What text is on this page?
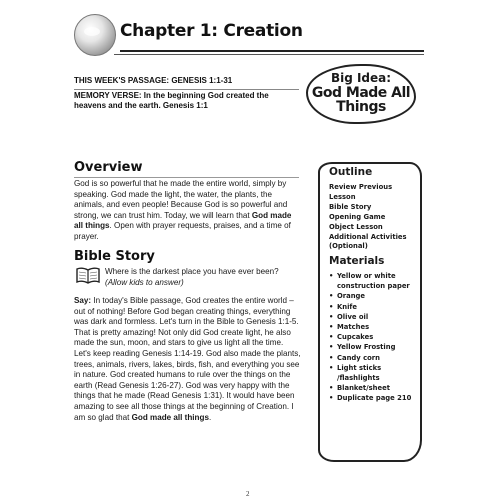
Chapter 1: Creation
THIS WEEK'S PASSAGE: GENESIS 1:1-31
MEMORY VERSE: In the beginning God created the heavens and the earth. Genesis 1:1
Big Idea:
God Made All Things
Overview

God is so powerful that he made the entire world, simply by speaking. God made the light, the water, the plants, the animals, and even people! Because God is so powerful and strong, we can trust him. Today, we will learn that God made all things. Open with prayer requests, praises, and a time of prayer.

Bible Story

Where is the darkest place you have ever been?
(Allow kids to answer)

Say: In today's Bible passage, God creates the entire world – out of nothing! Before God began creating things, everything was dark and formless. Let's turn in the Bible to Genesis 1:1-5. That is pretty amazing! Not only did God create light, he also made the sun, moon, and stars to give us light all the time. Let's keep reading Genesis 1:14-19. God also made the plants, trees, animals, rivers, lakes, birds, fish, and everything you see in nature. God created humans to rule over the things on the earth (Read Genesis 1:26-27). God was very happy with the things that he made (Read Genesis 1:31). It would have been amazing to see all those things at the beginning of Creation. I am so glad that God made all things.

Outline
Review Previous Lesson
Bible Story
Opening Game
Object Lesson
Additional Activities
(Optional)
Materials
• Yellow or white construction paper
• Orange
• Knife
• Olive oil
• Matches
• Cupcakes
• Yellow Frosting
• Candy corn
• Light sticks /flashlights
• Blanket/sheet
• Duplicate page 210
2
